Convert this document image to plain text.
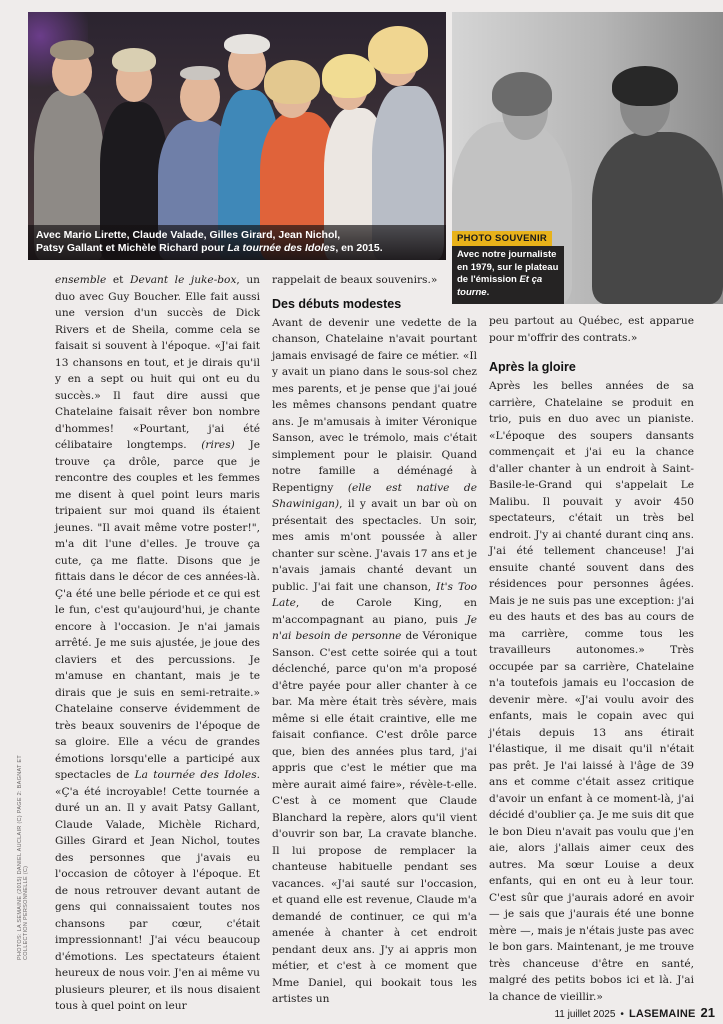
Avec Mario Lirette, Claude Valade, Gilles Girard, Jean Nichol,
Patsy Gallant et Michèle Richard pour La tournée des Idoles, en 2015.
PHOTO SOUVENIR
Avec notre journaliste en 1979, sur le plateau de l'émission Et ça tourne.

ensemble et Devant le juke-box, un duo avec Guy Boucher. Elle fait aussi une version d'un succès de Dick Rivers et de Sheila, comme cela se faisait si souvent à l'époque. «J'ai fait 13 chansons en tout, et je dirais qu'il y en a sept ou huit qui ont eu du succès.» Il faut dire aussi que Chatelaine faisait rêver bon nombre d'hommes! «Pourtant, j'ai été célibataire longtemps. (rires) Je trouve ça drôle, parce que je rencontre des couples et les femmes me disent à quel point leurs maris tripaient sur moi quand ils étaient jeunes. "Il avait même votre poster!", m'a dit l'une d'elles. Je trouve ça cute, ça me flatte. Disons que je fittais dans le décor de ces années-là. Ç'a été une belle période et ce qui est le fun, c'est qu'aujourd'hui, je chante encore à l'occasion. Je n'ai jamais arrêté. Je me suis ajustée, je joue des claviers et des percussions. Je m'amuse en chantant, mais je te dirais que je suis en semi-retraite.» Chatelaine conserve évidemment de très beaux souvenirs de l'époque de sa gloire. Elle a vécu de grandes émotions lorsqu'elle a participé aux spectacles de La tournée des Idoles. «Ç'a été incroyable! Cette tournée a duré un an. Il y avait Patsy Gallant, Claude Valade, Michèle Richard, Gilles Girard et Jean Nichol, toutes des personnes que j'avais eu l'occasion de côtoyer à l'époque. Et de nous retrouver devant autant de gens qui connaissaient toutes nos chansons par cœur, c'était impressionnant! J'ai vécu beaucoup d'émotions. Les spectateurs étaient heureux de nous voir. J'en ai même vu plusieurs pleurer, et ils nous disaient tous à quel point on leur

rappelait de beaux souvenirs.»

Des débuts modestes

Avant de devenir une vedette de la chanson, Chatelaine n'avait pourtant jamais envisagé de faire ce métier. «Il y avait un piano dans le sous-sol chez mes parents, et je pense que j'ai joué les mêmes chansons pendant quatre ans. Je m'amusais à imiter Véronique Sanson, avec le trémolo, mais c'était simplement pour le plaisir. Quand notre famille a déménagé à Repentigny (elle est native de Shawinigan), il y avait un bar où on présentait des spectacles. Un soir, mes amis m'ont poussée à aller chanter sur scène. J'avais 17 ans et je n'avais jamais chanté devant un public. J'ai fait une chanson, It's Too Late, de Carole King, en m'accompagnant au piano, puis Je n'ai besoin de personne de Véronique Sanson. C'est cette soirée qui a tout déclenché, parce qu'on m'a proposé d'être payée pour aller chanter à ce bar. Ma mère était très sévère, mais même si elle était craintive, elle me faisait confiance. C'est drôle parce que, bien des années plus tard, j'ai appris que c'est le métier que ma mère aurait aimé faire», révèle-t-elle. C'est à ce moment que Claude Blanchard la repère, alors qu'il vient d'ouvrir son bar, La cravate blanche. Il lui propose de remplacer la chanteuse habituelle pendant ses vacances. «J'ai sauté sur l'occasion, et quand elle est revenue, Claude m'a demandé de continuer, ce qui m'a amenée à chanter à cet endroit pendant deux ans. J'y ai appris mon métier, et c'est à ce moment que Mme Daniel, qui bookait tous les artistes un

peu partout au Québec, est apparue pour m'offrir des contrats.»

Après la gloire

Après les belles années de sa carrière, Chatelaine se produit en trio, puis en duo avec un pianiste. «L'époque des soupers dansants commençait et j'ai eu la chance d'aller chanter à un endroit à Saint-Basile-le-Grand qui s'appelait Le Malibu. Il pouvait y avoir 450 spectateurs, c'était un très bel endroit. J'y ai chanté durant cinq ans. J'ai été tellement chanceuse! J'ai ensuite chanté souvent dans des résidences pour personnes âgées. Mais je ne suis pas une exception: j'ai eu des hauts et des bas au cours de ma carrière, comme tous les travailleurs autonomes.» Très occupée par sa carrière, Chatelaine n'a toutefois jamais eu l'occasion de devenir mère. «J'ai voulu avoir des enfants, mais le copain avec qui j'étais depuis 13 ans étirait l'élastique, il me disait qu'il n'était pas prêt. Je l'ai laissé à l'âge de 39 ans et comme c'était assez critique d'avoir un enfant à ce moment-là, j'ai décidé d'oublier ça. Je me suis dit que le bon Dieu n'avait pas voulu que j'en aie, alors j'allais aimer ceux des autres. Ma sœur Louise a deux enfants, qui en ont eu à leur tour. C'est sûr que j'aurais adoré en avoir — je sais que j'aurais été une bonne mère —, mais je n'étais juste pas avec le bon gars. Maintenant, je me trouve très chanceuse d'être en santé, malgré des petits bobos ici et là. J'ai la chance de vieillir.»

PHOTOS: LA SEMAINE (2015) DANIEL AUCLAIR (C) PAGE 2: BAGNAT ET COLLECTION PERSONNELLE (C)
11 juillet 2025 • LASEMAINE 21
